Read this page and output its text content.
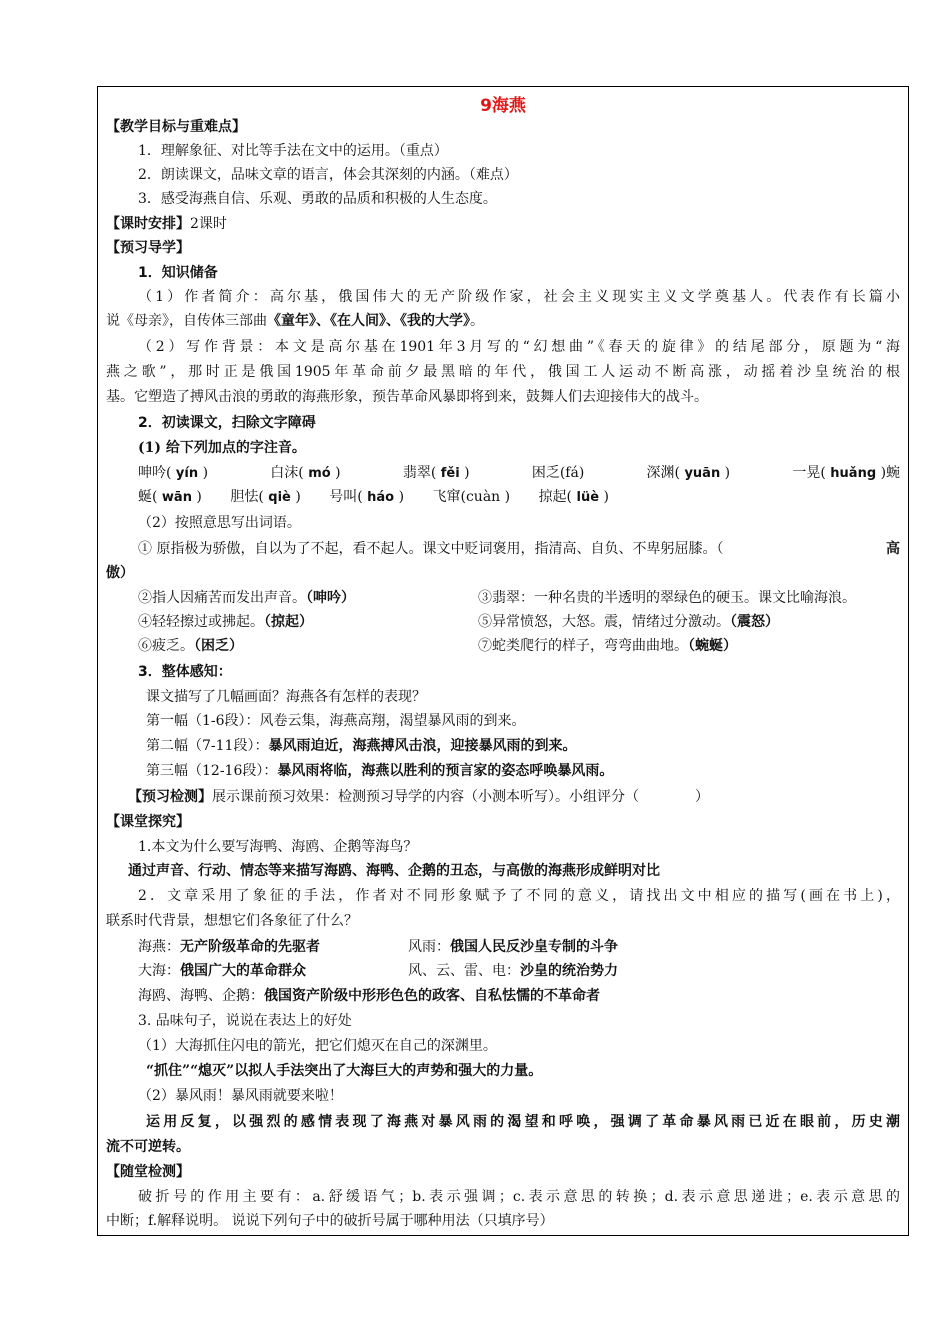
9海燕
【教学目标与重难点】
1．理解象征、对比等手法在文中的运用。（重点）
2．朗读课文，品味文章的语言，体会其深刻的内涵。（难点）
3．感受海燕自信、乐观、勇敢的品质和积极的人生态度。
【课时安排】2课时
【预习导学】
1．知识储备
（1）作者简介：高尔基，俄国伟大的无产阶级作家，社会主义现实主义文学奠基人。代表作有长篇小
说《母亲》，自传体三部曲《童年》、《在人间》、《我的大学》。
（2）写作背景：本文是高尔基在1901年3月写的“幻想曲”《春天的旋律》的结尾部分，原题为“海
燕之歌”，那时正是俄国1905年革命前夕最黑暗的年代，俄国工人运动不断高涨，动摇着沙皇统治的根
基。它塑造了搏风击浪的勇敢的海燕形象，预告革命风暴即将到来，鼓舞人们去迎接伟大的战斗。
2．初读课文，扫除文字障碍
(1) 给下列加点的字注音。
呻吟( yín )	白沫( mó )	翡翠( fěi )	困乏(fá)	深渊( yuān )	一晃( huǎng )蜿
蜒( wān ) 胆怯( qiè ) 号叫( háo ) 飞窜(cuàn ) 掠起( lüè )
（2）按照意思写出词语。
① 原指极为骄傲，自以为了不起，看不起人。课文中贬词褒用，指清高、自负、不卑躬屈膝。（	高
傲）
②指人因痛苦而发出声音。（呻吟）	③翡翠：一种名贵的半透明的翠绿色的硬玉。课文比喻海浪。
④轻轻擦过或拂起。（掠起）	⑤异常愤怒，大怒。震，情绪过分激动。（震怒）
⑥疲乏。（困乏）	⑦蛇类爬行的样子，弯弯曲曲地。（蜿蜒）
3．整体感知：
课文描写了几幅画面？海燕各有怎样的表现？
第一幅（1-6段）：风卷云集，海燕高翔，渴望暴风雨的到来。
第二幅（7-11段）：暴风雨迫近，海燕搏风击浪，迎接暴风雨的到来。
第三幅（12-16段）：暴风雨将临，海燕以胜利的预言家的姿态呼唤暴风雨。
【预习检测】展示课前预习效果：检测预习导学的内容（小测本听写）。小组评分（　　　　）
【课堂探究】
1.本文为什么要写海鸭、海鸥、企鹅等海鸟？
通过声音、行动、情态等来描写海鸥、海鸭、企鹅的丑态，与高傲的海燕形成鲜明对比
2．文章采用了象征的手法，作者对不同形象赋予了不同的意义，请找出文中相应的描写(画在书上)，
联系时代背景，想想它们各象征了什么？
海燕：无产阶级革命的先驱者	风雨：俄国人民反沙皇专制的斗争
大海：俄国广大的革命群众	风、云、雷、电：沙皇的统治势力
海鸥、海鸭、企鹅：俄国资产阶级中形形色色的政客、自私怯懦的不革命者
3. 品味句子，说说在表达上的好处
（1）大海抓住闪电的箭光，把它们熄灭在自己的深渊里。
“抓住”“熄灭”以拟人手法突出了大海巨大的声势和强大的力量。
（2）暴风雨！暴风雨就要来啦！
运用反复，以强烈的感情表现了海燕对暴风雨的渴望和呼唤，强调了革命暴风雨已近在眼前，历史潮
流不可逆转。
【随堂检测】
破折号的作用主要有：a.舒缓语气；b.表示强调；c.表示意思的转换；d.表示意思递进；e.表示意思的
中断；f.解释说明。 说说下列句子中的破折号属于哪种用法（只填序号）
